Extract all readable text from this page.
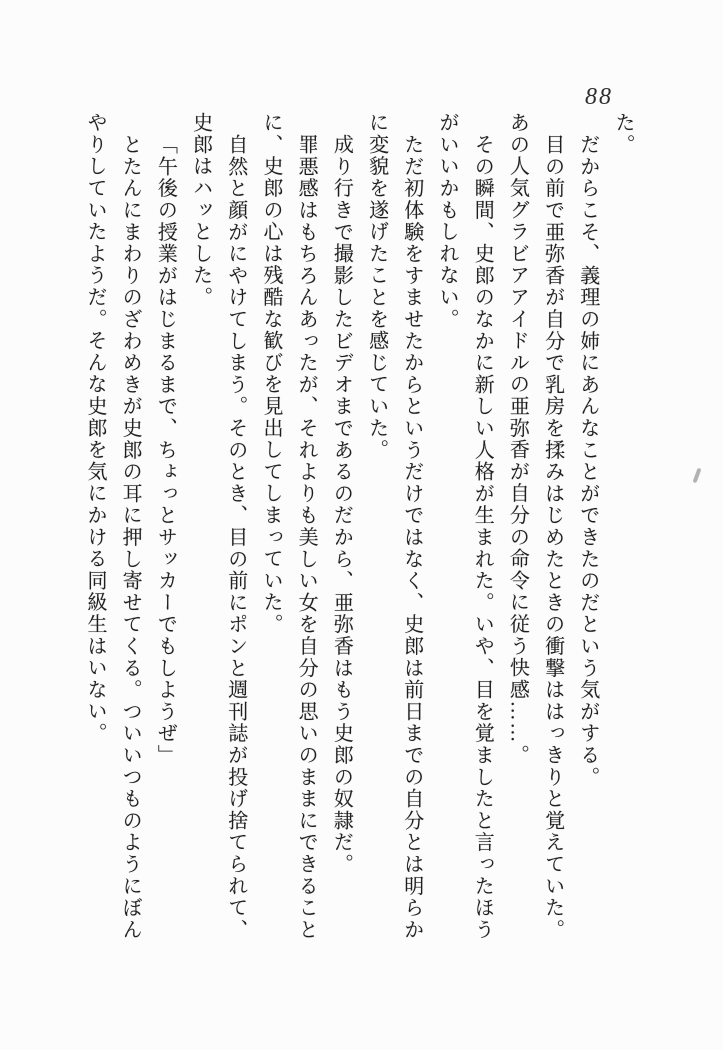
88
た。
だからこそ、義理の姉にあんなことができたのだという気がする。
目の前で亜弥香が自分で乳房を揉みはじめたときの衝撃ははっきりと覚えていた。
あの人気グラビアアイドルの亜弥香が自分の命令に従う快感……。
その瞬間、史郎のなかに新しい人格が生まれた。いや、目を覚ましたと言ったほう
がいいかもしれない。
ただ初体験をすませたからというだけではなく、史郎は前日までの自分とは明らか
に変貌を遂げたことを感じていた。
成り行きで撮影したビデオまであるのだから、亜弥香はもう史郎の奴隷だ。
罪悪感はもちろんあったが、それよりも美しい女を自分の思いのままにできること
に、史郎の心は残酷な歓びを見出してしまっていた。
自然と顔がにやけてしまう。そのとき、目の前にポンと週刊誌が投げ捨てられて、
史郎はハッとした。
「午後の授業がはじまるまで、ちょっとサッカーでもしようぜ」
とたんにまわりのざわめきが史郎の耳に押し寄せてくる。ついいつものようにぼん
やりしていたようだ。そんな史郎を気にかける同級生はいない。
